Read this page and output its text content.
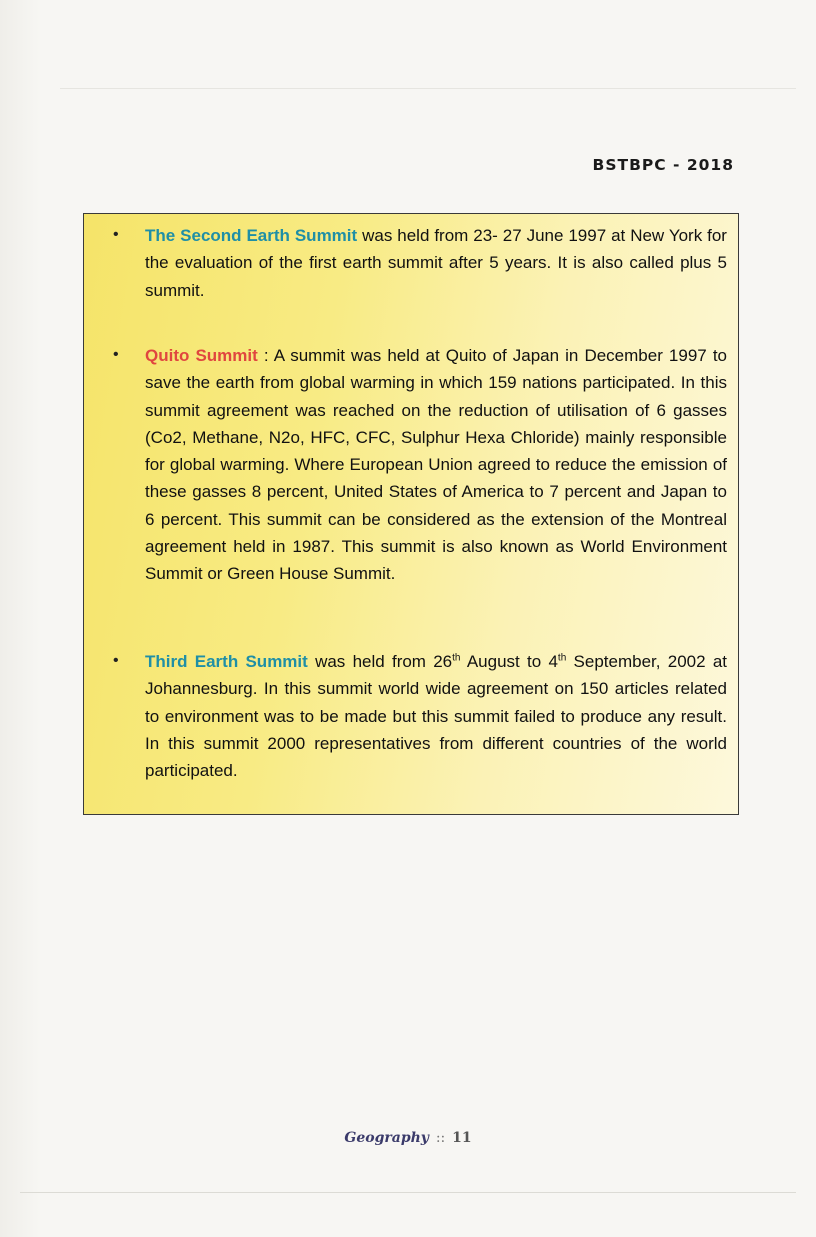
BSTBPC - 2018
• The Second Earth Summit was held from 23- 27 June 1997 at New York for the evaluation of the first earth summit after 5 years. It is also called plus 5 summit.
• Quito Summit : A summit was held at Quito of Japan in December 1997 to save the earth from global warming in which 159 nations participated. In this summit agreement was reached on the reduction of utilisation of 6 gasses (Co2, Methane, N2o, HFC, CFC, Sulphur Hexa Chloride) mainly responsible for global warming. Where European Union agreed to reduce the emission of these gasses 8 percent, United States of America to 7 percent and Japan to 6 percent. This summit can be considered as the extension of the Montreal agreement held in 1987. This summit is also known as World Environment Summit or Green House Summit.
• Third Earth Summit was held from 26th August to 4th September, 2002 at Johannesburg. In this summit world wide agreement on 150 articles related to environment was to be made but this summit failed to produce any result. In this summit 2000 representatives from different countries of the world participated.
Geography :: 11
